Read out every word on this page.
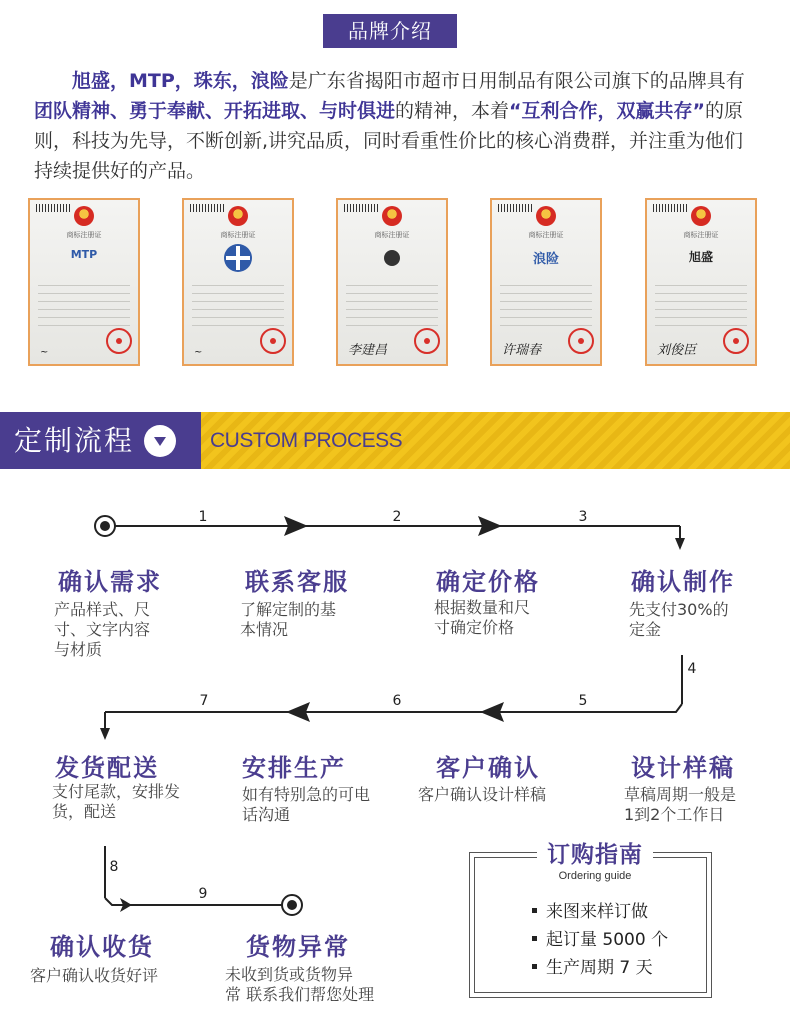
品牌介绍
旭盛，MTP，珠东，浪险是广东省揭阳市超市日用制品有限公司旗下的品牌具有团队精神、勇于奉献、开拓进取、与时俱进的精神，本着“互利合作，双赢共存”的原则，科技为先导，不断创新,讲究品质，同时看重性价比的核心消费群，并注重为他们持续提供好的产品。
商标注册证
MTP
~
商标注册证
~
商标注册证
李建昌
商标注册证
浪险
许瑞春
商标注册证
旭盛
刘俊臣
定制流程	CUSTOM PROCESS
1	2	3
4
5
6
7
8
9
确认需求
产品样式、尺
寸、文字内容
与材质
联系客服
了解定制的基
本情况
确定价格
根据数量和尺
寸确定价格
确认制作
先支付30%的
定金
发货配送
支付尾款，安排发
货，配送
安排生产
如有特别急的可电
话沟通
客户确认
客户确认设计样稿
设计样稿
草稿周期一般是
1到2个工作日
确认收货
客户确认收货好评
货物异常
未收到货或货物异
常 联系我们帮您处理
订购指南
Ordering guide
来图来样订做
起订量 5000 个
生产周期 7 天
